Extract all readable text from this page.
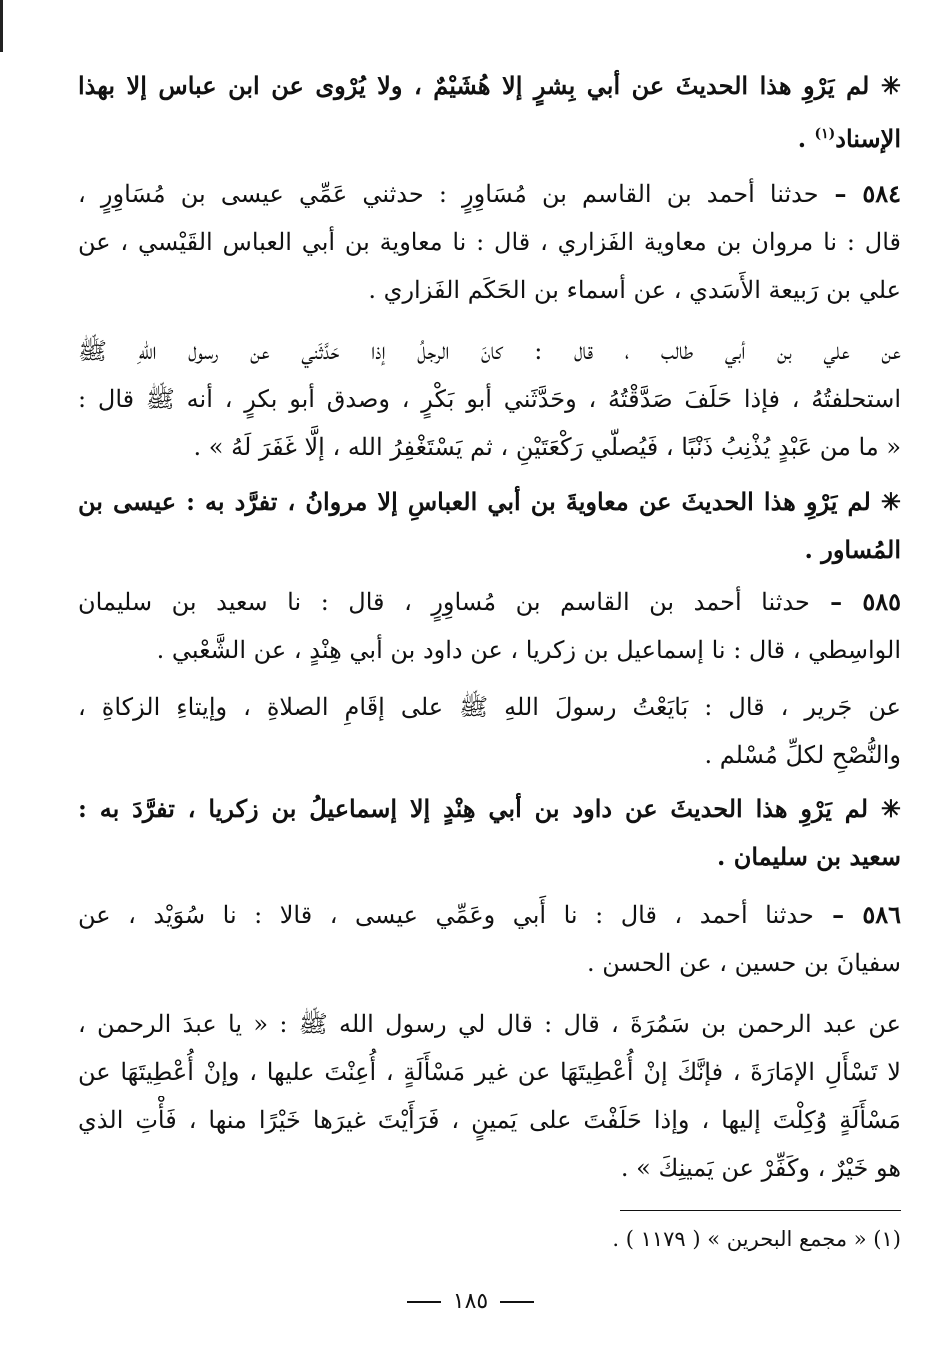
✳ لم يَرْوِ هذا الحديثَ عن أبي بِشرٍ إلا هُشَيْمٌ ، ولا يُرْوى عن ابن عباس إلا بهذا
الإسناد$^{(١)}$ .
٥٨٤ – حدثنا أحمد بن القاسم بن مُسَاوِرٍ : حدثني عَمِّي عيسى بن مُسَاوِرٍ ،
قال : نا مروان بن معاوية الفَزاري ، قال : نا معاوية بن أبي العباس القَيْسي ، عن
علي بن رَبيعة الأَسَدي ، عن أسماء بن الحَكَم الفَزاري .
عن علي بن أبي طالب ، قال : كانَ الرجلُ إذا حَدَّثَني عن رسول اللهِ ﷺ
استحلفتُهُ ، فإذا حَلَفَ صَدَّقْتُهُ ، وحَدَّثَني أبو بَكْرٍ ، وصدق أبو بكرٍ ، أنه ﷺ قال :
« ما من عَبْدٍ يُذْنِبُ ذَنْبًا ، فَيُصلّي رَكْعَتَيْنِ ، ثم يَسْتَغْفِرُ الله ، إلَّا غَفَرَ لَهُ » .
✳ لم يَرْوِ هذا الحديثَ عن معاويةَ بن أبي العباسِ إلا مروانُ ، تفرَّد به : عيسى بن
المُساور .
٥٨٥ – حدثنا أحمد بن القاسم بن مُساوِرٍ ، قال : نا سعيد بن سليمان
الواسِطي ، قال : نا إسماعيل بن زكريا ، عن داود بن أبي هِنْدٍ ، عن الشَّعْبي .
عن جَرير ، قال : بَايَعْتُ رسولَ اللهِ ﷺ على إقَامِ الصلاةِ ، وإيتاءِ الزكاةِ ،
والنُّصْحِ لكلِّ مُسْلم .
✳ لم يَرْوِ هذا الحديثَ عن داود بن أبي هِنْدٍ إلا إسماعيلُ بن زكريا ، تفرَّدَ به :
سعيد بن سليمان .
٥٨٦ – حدثنا أحمد ، قال : نا أَبي وعَمِّي عيسى ، قالا : نا سُوَيْد ، عن
سفيانَ بن حسين ، عن الحسن .
عن عبد الرحمن بن سَمُرَةَ ، قال : قال لي رسول الله ﷺ : « يا عبدَ الرحمن ،
لا تَسْأَلِ الإمَارَةَ ، فإنَّكَ إنْ أُعْطِيتَهَا عن غير مَسْأَلَةٍ ، أُعِنْتَ عليها ، وإنْ أُعْطِيتَهَا عن
مَسْأَلَةٍ وُكِلْتَ إليها ، وإذا حَلَفْتَ على يَمينٍ ، فَرَأَيْتَ غيرَها خَيْرًا منها ، فَأْتِ الذي
هو خَيْرٌ ، وكَفِّرْ عن يَمينِكَ » .
(١) « مجمع البحرين » ( ١١٧٩ ) .
١٨٥
